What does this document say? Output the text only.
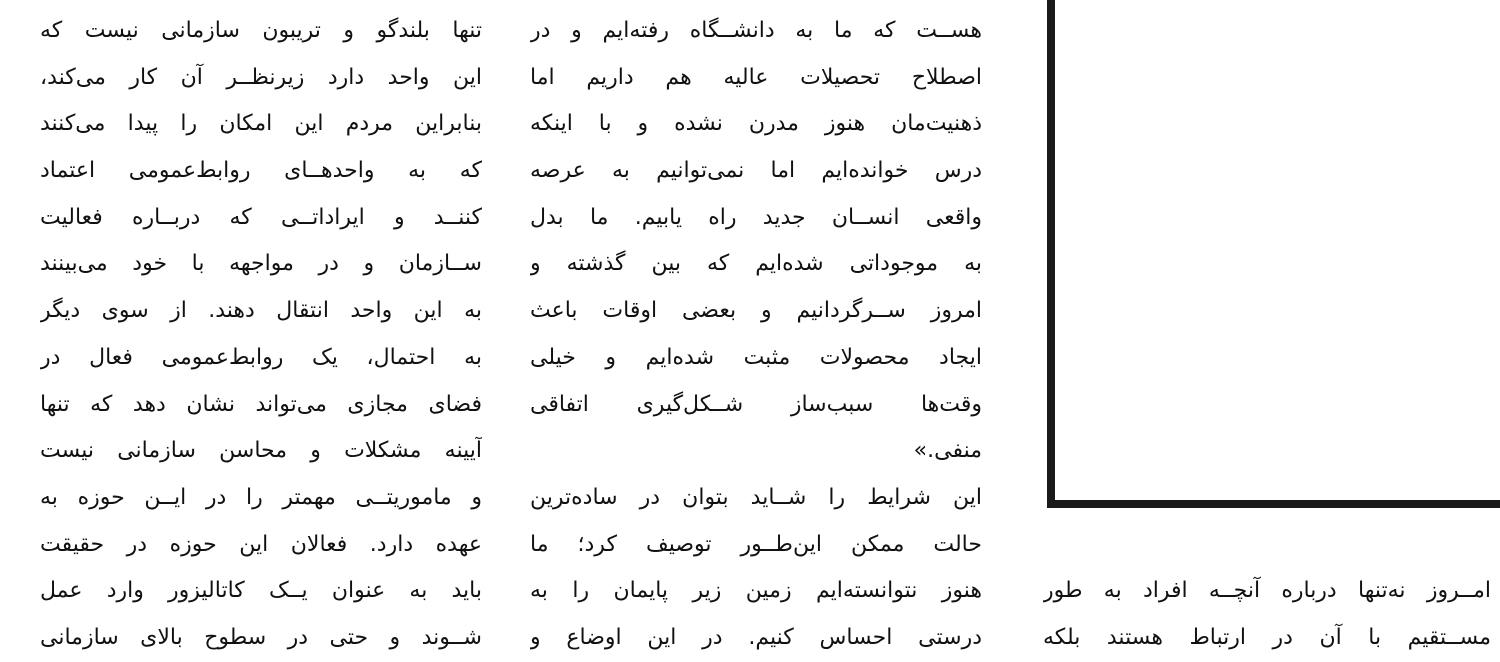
تنها بلندگو و تریبون سازمانی نیست که
این واحد دارد زیرنظــر آن کار می‌کند،
بنابراین مردم این امکان را پیدا می‌کنند
که به واحدهــای روابط‌عمومی اعتماد
کننــد و ایراداتــی که دربــاره فعالیت
ســازمان و در مواجهه با خود می‌بینند
به این واحد انتقال دهند. از سوی دیگر
به احتمال، یک روابط‌عمومی فعال در
فضای مجازی می‌تواند نشان دهد که تنها
آیینه مشکلات و محاسن سازمانی نیست
و ماموریتــی مهمتر را در ایــن حوزه به
عهده دارد. فعالان این حوزه در حقیقت
باید به عنوان یــک کاتالیزور وارد عمل
شــوند و حتی در سطوح بالای سازمانی
هســت که ما به دانشــگاه رفته‌ایم و در
اصطلاح تحصیلات عالیه هم داریم اما
ذهنیت‌مان هنوز مدرن نشده و با اینکه
درس خوانده‌ایم اما نمی‌توانیم به عرصه
واقعی انســان جدید راه یابیم. ما بدل
به موجوداتی شده‌ایم که بین گذشته و
امروز ســرگردانیم و بعضی اوقات باعث
ایجاد محصولات مثبت شده‌ایم و خیلی
وقت‌ها سبب‌ساز شــکل‌گیری اتفاقی
منفی.»
این شرایط را شــاید بتوان در ساده‌ترین
حالت ممکن این‌طــور توصیف کرد؛ ما
هنوز نتوانسته‌ایم زمین زیر پایمان را به
درستی احساس کنیم. در این اوضاع و
امــروز نه‌تنها درباره آنچــه افراد به طور
مســتقیم با آن در ارتباط هستند بلکه
